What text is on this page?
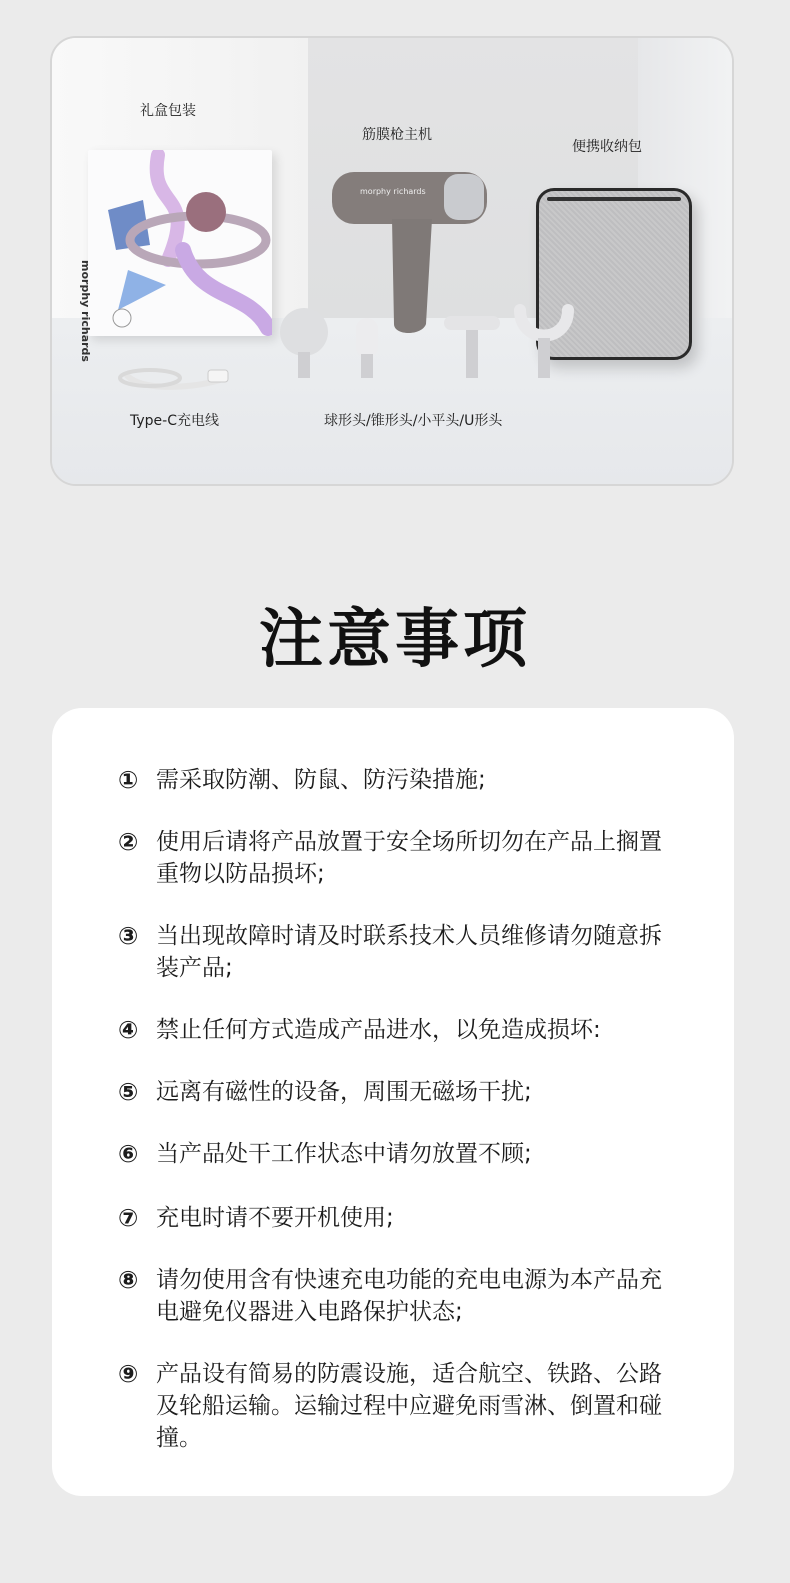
礼盒包装
筋膜枪主机
便携收纳包
morphy richards
morphy richards
Type-C充电线	球形头/锥形头/小平头/U形头
注意事项
① 需采取防潮、防鼠、防污染措施;
② 使用后请将产品放置于安全场所切勿在产品上搁置重物以防品损坏;
③ 当出现故障时请及时联系技术人员维修请勿随意拆装产品;
④ 禁止任何方式造成产品进水，以免造成损坏:
⑤ 远离有磁性的设备，周围无磁场干扰;
⑥ 当产品处干工作状态中请勿放置不顾;
⑦ 充电时请不要开机使用;
⑧ 请勿使用含有快速充电功能的充电电源为本产品充电避免仪器进入电路保护状态;
⑨ 产品设有简易的防震设施，适合航空、铁路、公路及轮船运输。运输过程中应避免雨雪淋、倒置和碰撞。
